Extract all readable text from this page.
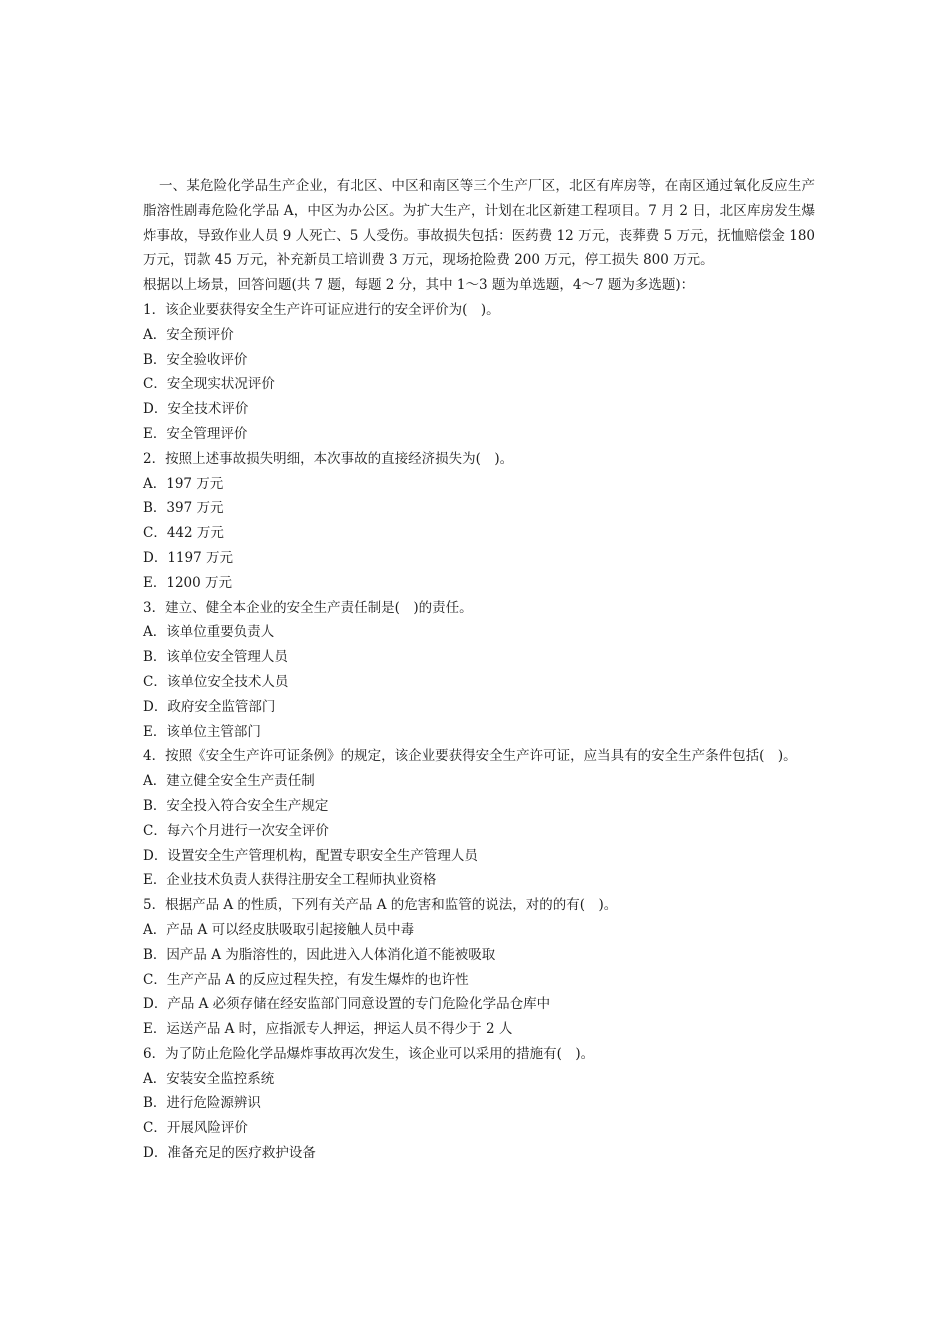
一、某危险化学品生产企业，有北区、中区和南区等三个生产厂区，北区有库房等，在南区通过氧化反应生产脂溶性剧毒危险化学品 A，中区为办公区。为扩大生产，计划在北区新建工程项目。7 月 2 日，北区库房发生爆炸事故，导致作业人员 9 人死亡、5 人受伤。事故损失包括：医药费 12 万元，丧葬费 5 万元，抚恤赔偿金 180 万元，罚款 45 万元，补充新员工培训费 3 万元，现场抢险费 200 万元，停工损失 800 万元。

根据以上场景，回答问题(共 7 题，每题 2 分，其中 1～3 题为单选题，4～7 题为多选题)：

1．该企业要获得安全生产许可证应进行的安全评价为(　)。

A．安全预评价

B．安全验收评价

C．安全现实状况评价

D．安全技术评价

E．安全管理评价

2．按照上述事故损失明细，本次事故的直接经济损失为(　)。

A．197 万元

B．397 万元

C．442 万元

D．1197 万元

E．1200 万元

3．建立、健全本企业的安全生产责任制是(　)的责任。

A．该单位重要负责人

B．该单位安全管理人员

C．该单位安全技术人员

D．政府安全监管部门

E．该单位主管部门

4．按照《安全生产许可证条例》的规定，该企业要获得安全生产许可证，应当具有的安全生产条件包括(　)。

A．建立健全安全生产责任制

B．安全投入符合安全生产规定

C．每六个月进行一次安全评价

D．设置安全生产管理机构，配置专职安全生产管理人员

E．企业技术负责人获得注册安全工程师执业资格

5．根据产品 A 的性质，下列有关产品 A 的危害和监管的说法，对的的有(　)。

A．产品 A 可以经皮肤吸取引起接触人员中毒

B．因产品 A 为脂溶性的，因此进入人体消化道不能被吸取

C．生产产品 A 的反应过程失控，有发生爆炸的也许性

D．产品 A 必须存储在经安监部门同意设置的专门危险化学品仓库中

E．运送产品 A 时，应指派专人押运，押运人员不得少于 2 人

6．为了防止危险化学品爆炸事故再次发生，该企业可以采用的措施有(　)。

A．安装安全监控系统

B．进行危险源辨识

C．开展风险评价

D．准备充足的医疗救护设备
